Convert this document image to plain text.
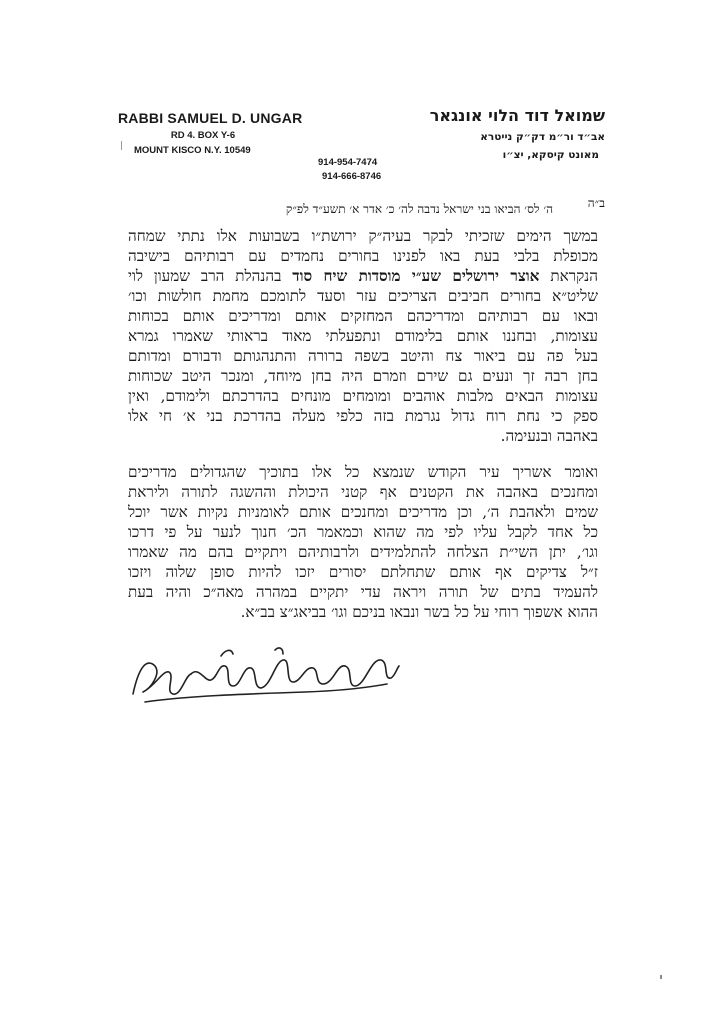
RABBI SAMUEL D. UNGAR
RD 4. BOX Y-6
MOUNT KISCO N.Y. 10549
שמואל דוד הלוי אונגאר
אב״ד ור״מ דק״ק נייטרא
מאונט קיסקא, יצ״ו
914-954-7474
914-666-8746
ב״ה
ה׳ לס׳ הביאו בני ישראל נדבה לה׳ כ׳ אדר א׳ תשע״ד לפ״ק
במשך הימים שזכיתי לבקר בעיה״ק ירושת״ו בשבועות אלו נתתי שמחה
מכופלת בלבי בעת באו לפנינו בחורים נחמדים עם רבותיהם בישיבה
הנקראת אוצר ירושלים שע״י מוסדות שיח סוד בהנהלת הרב שמעון לוי
שליט״א בחורים חביבים הצריכים עזר וסעד לתומכם מחמת חולשות וכו׳
ובאו עם רבותיהם ומדריכהם המחזקים אותם ומדריכים אותם בכוחות
עצומות, ובחננו אותם בלימודם ונתפעלתי מאוד בראותי שאמרו גמרא
בעל פה עם ביאור צח והיטב בשפה ברורה והתנהגותם ודבורם ומדותם
בחן רבה זך ונעים גם שירם וזמרם היה בחן מיוחד, ומנכר היטב שכוחות
עצומות הבאים מלבות אוהבים ומומחים מונחים בהדרכתם ולימודם, ואין
ספק כי נחת רוח גדול נגרמת בזה כלפי מעלה בהדרכת בני א׳ חי אלו
באהבה ובנעימה.
ואומר אשריך עיר הקודש שנמצא כל אלו בתוכיך שהגדולים מדריכים
ומחנכים באהבה את הקטנים אף קטני היכולת וההשגה לתורה וליראת
שמים ולאהבת ה׳, וכן מדריכים ומחנכים אותם לאומניות נקיות אשר יוכל
כל אחד לקבל עליו לפי מה שהוא וכמאמר הכ׳ חנוך לנער על פי דרכו
וגו׳, יתן השי״ת הצלחה להתלמידים ולרבותיהם ויתקיים בהם מה שאמרו
ז״ל צדיקים אף אותם שתחלתם יסורים יזכו להיות סופן שלוה ויזכו
להעמיד בתים של תורה ויראה עדי יתקיים במהרה מאה״כ והיה בעת
ההוא אשפוך רוחי על כל בשר ונבאו בניכם וגו׳ בביאג״צ בב״א.
